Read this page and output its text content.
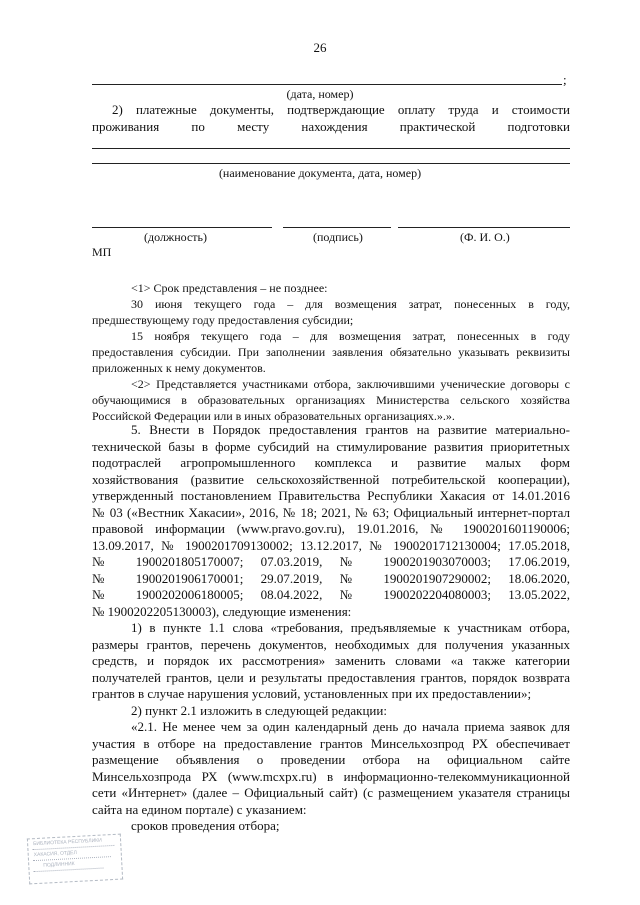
26
;
(дата, номер)
2) платежные документы, подтверждающие оплату труда и стоимости
проживания по месту нахождения практической подготовки
(наименование документа, дата, номер)
(должность)	(подпись)	(Ф. И. О.)
МП
<1> Срок представления – не позднее:
30 июня текущего года – для возмещения затрат, понесенных в году,
предшествующему году предоставления субсидии;
15 ноября текущего года – для возмещения затрат, понесенных в году
предоставления субсидии. При заполнении заявления обязательно указывать реквизиты
приложенных к нему документов.
<2> Представляется участниками отбора, заключившими ученические договоры с
обучающимися в образовательных организациях Министерства сельского хозяйства
Российской Федерации или в иных образовательных организациях.».».
5. Внести в Порядок предоставления грантов на развитие материально-
технической базы в форме субсидий на стимулирование развития приоритетных
подотраслей агропромышленного комплекса и развитие малых форм
хозяйствования (развитие сельскохозяйственной потребительской кооперации),
утвержденный постановлением Правительства Республики Хакасия от 14.01.2016
№ 03 («Вестник Хакасии», 2016, № 18; 2021, № 63; Официальный интернет-портал
правовой информации (www.pravo.gov.ru), 19.01.2016, № 1900201601190006;
13.09.2017, № 1900201709130002; 13.12.2017, № 1900201712130004; 17.05.2018,
№ 1900201805170007; 07.03.2019, № 1900201903070003; 17.06.2019,
№ 1900201906170001; 29.07.2019, № 1900201907290002; 18.06.2020,
№ 1900202006180005; 08.04.2022, № 1900202204080003; 13.05.2022,
№ 1900202205130003), следующие изменения:
1) в пункте 1.1 слова «требования, предъявляемые к участникам отбора,
размеры грантов, перечень документов, необходимых для получения указанных
средств, и порядок их рассмотрения» заменить словами «а также категории
получателей грантов, цели и результаты предоставления грантов, порядок возврата
грантов в случае нарушения условий, установленных при их предоставлении»;
2) пункт 2.1 изложить в следующей редакции:
«2.1. Не менее чем за один календарный день до начала приема заявок для
участия в отборе на предоставление грантов Минсельхозпрод РХ обеспечивает
размещение объявления о проведении отбора на официальном сайте
Минсельхозпрода РХ (www.mcxpx.ru) в информационно-телекоммуникационной
сети «Интернет» (далее – Официальный сайт) (с размещением указателя страницы
сайта на едином портале) с указанием:
сроков проведения отбора;
БИБЛИОТЕКА РЕСПУБЛИКИ
ХАКАСИЯ, ОТДЕЛ
ПОДЛИННИК
